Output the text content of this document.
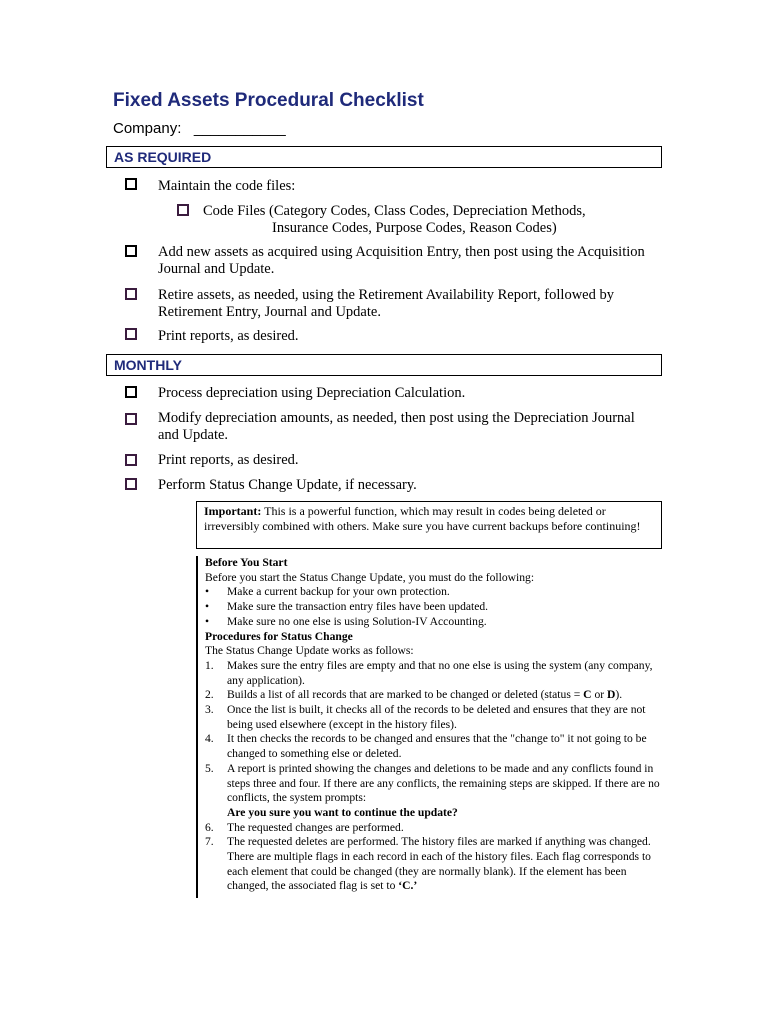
Fixed Assets Procedural Checklist
Company: ___________
AS REQUIRED
Maintain the code files:
Code Files (Category Codes, Class Codes, Depreciation Methods,
Insurance Codes, Purpose Codes, Reason Codes)
Add new assets as acquired using Acquisition Entry, then post using the Acquisition Journal and Update.
Retire assets, as needed, using the Retirement Availability Report, followed by Retirement Entry, Journal and Update.
Print reports, as desired.
MONTHLY
Process depreciation using Depreciation Calculation.
Modify depreciation amounts, as needed, then post using the Depreciation Journal and Update.
Print reports, as desired.
Perform Status Change Update, if necessary.
Important: This is a powerful function, which may result in codes being deleted or irreversibly combined with others. Make sure you have current backups before continuing!
Before You Start
Before you start the Status Change Update, you must do the following:
• Make a current backup for your own protection.
• Make sure the transaction entry files have been updated.
• Make sure no one else is using Solution-IV Accounting.
Procedures for Status Change
The Status Change Update works as follows:
1. Makes sure the entry files are empty and that no one else is using the system (any company, any application).
2. Builds a list of all records that are marked to be changed or deleted (status = C or D).
3. Once the list is built, it checks all of the records to be deleted and ensures that they are not being used elsewhere (except in the history files).
4. It then checks the records to be changed and ensures that the "change to" it not going to be changed to something else or deleted.
5. A report is printed showing the changes and deletions to be made and any conflicts found in steps three and four. If there are any conflicts, the remaining steps are skipped. If there are no conflicts, the system prompts:
Are you sure you want to continue the update?
6. The requested changes are performed.
7. The requested deletes are performed. The history files are marked if anything was changed. There are multiple flags in each record in each of the history files. Each flag corresponds to each element that could be changed (they are normally blank). If the element has been changed, the associated flag is set to ‘C.’
